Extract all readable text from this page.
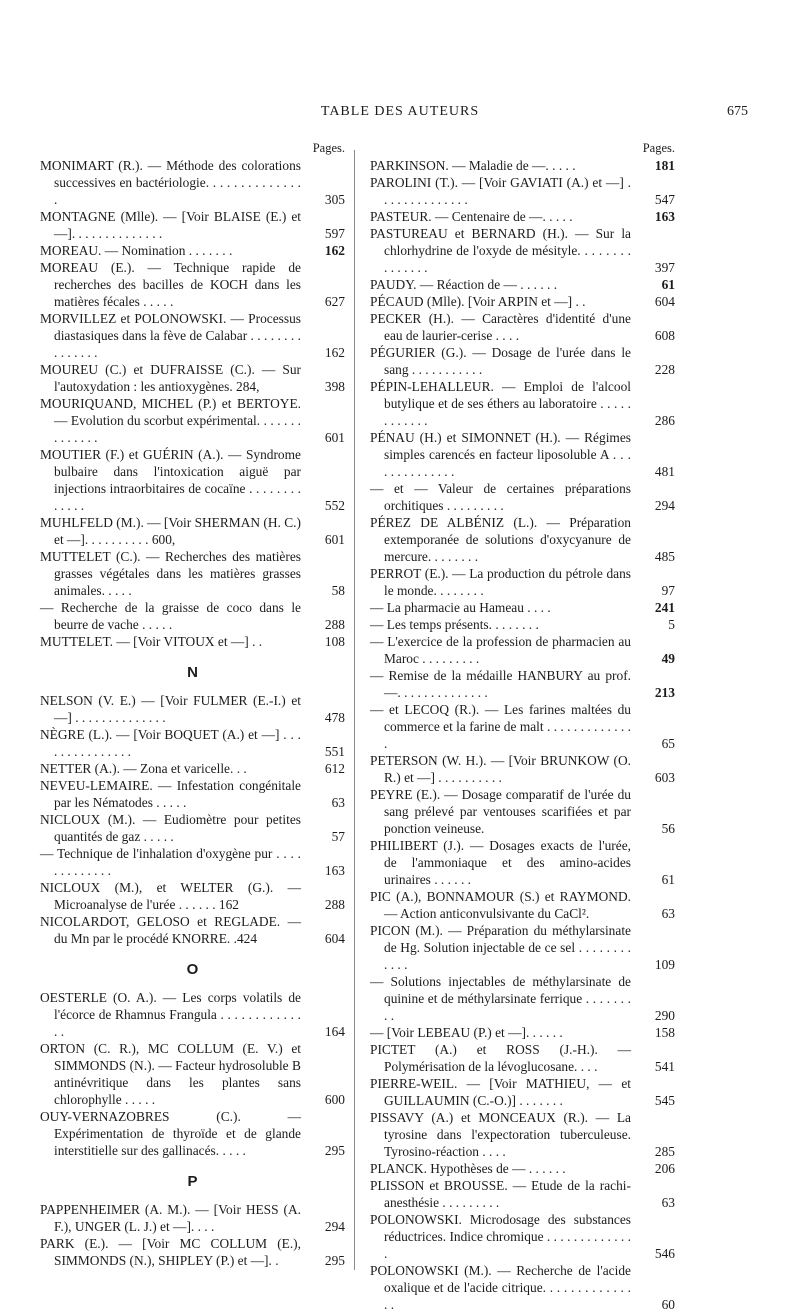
TABLE DES AUTEURS	675
Pages.
MONIMART (R.). — Méthode des colorations successives en bactériologie. . . . . . . . . . . . . . .	305
MONTAGNE (Mlle). — [Voir BLAISE (E.) et —]. . . . . . . . . . . . . .	597
MOREAU. — Nomination . . . . . . .	162
MOREAU (E.). — Technique rapide de recherches des bacilles de KOCH dans les matières fécales . . . . .	627
MORVILLEZ et POLONOWSKI. — Processus diastasiques dans la fève de Calabar . . . . . . . . . . . . . . .	162
MOUREU (C.) et DUFRAISSE (C.). — Sur l'autoxydation : les antioxygènes. 284,	398
MOURIQUAND, MICHEL (P.) et BERTOYE. — Evolution du scorbut expérimental. . . . . . . . . . . . . .	601
MOUTIER (F.) et GUÉRIN (A.). — Syndrome bulbaire dans l'intoxication aiguë par injections intraorbitaires de cocaïne . . . . . . . . . . . . .	552
MUHLFELD (M.). — [Voir SHERMAN (H. C.) et —]. . . . . . . . . . 600,	601
MUTTELET (C.). — Recherches des matières grasses végétales dans les matières grasses animales. . . . .	58
— Recherche de la graisse de coco dans le beurre de vache . . . . .	288
MUTTELET. — [Voir VITOUX et —] . .	108
N
NELSON (V. E.) — [Voir FULMER (E.-I.) et —] . . . . . . . . . . . . . .	478
NÈGRE (L.). — [Voir BOQUET (A.) et —] . . . . . . . . . . . . . . .	551
NETTER (A.). — Zona et varicelle. . .	612
NEVEU-LEMAIRE. — Infestation congénitale par les Nématodes . . . . .	63
NICLOUX (M.). — Eudiomètre pour petites quantités de gaz . . . . .	57
— Technique de l'inhalation d'oxygène pur . . . . . . . . . . . . .	163
NICLOUX (M.), et WELTER (G.). — Microanalyse de l'urée . . . . . . 162	288
NICOLARDOT, GELOSO et REGLADE. — du Mn par le procédé KNORRE. .424	604
O
OESTERLE (O. A.). — Les corps volatils de l'écorce de Rhamnus Frangula . . . . . . . . . . . . . .	164
ORTON (C. R.), MC COLLUM (E. V.) et SIMMONDS (N.). — Facteur hydrosoluble B antinévritique dans les plantes sans chlorophylle . . . . .	600
OUY-VERNAZOBRES (C.). — Expérimentation de thyroïde et de glande interstitielle sur des gallinacés. . . . .	295
P
PAPPENHEIMER (A. M.). — [Voir HESS (A. F.), UNGER (L. J.) et —]. . . .	294
PARK (E.). — [Voir MC COLLUM (E.), SIMMONDS (N.), SHIPLEY (P.) et —]. .	295
Pages.
PARKINSON. — Maladie de —. . . . .	181
PAROLINI (T.). — [Voir GAVIATI (A.) et —] . . . . . . . . . . . . . .	547
PASTEUR. — Centenaire de —. . . . .	163
PASTUREAU et BERNARD (H.). — Sur la chlorhydrine de l'oxyde de mésityle. . . . . . . . . . . . . . .	397
PAUDY. — Réaction de — . . . . . .	61
PÉCAUD (Mlle). [Voir ARPIN et —] . .	604
PECKER (H.). — Caractères d'identité d'une eau de laurier-cerise . . . .	608
PÉGURIER (G.). — Dosage de l'urée dans le sang . . . . . . . . . . .	228
PÉPIN-LEHALLEUR. — Emploi de l'alcool butylique et de ses éthers au laboratoire . . . . . . . . . . . .	286
PÉNAU (H.) et SIMONNET (H.). — Régimes simples carencés en facteur liposoluble A . . . . . . . . . . . . . .	481
— et — Valeur de certaines préparations orchitiques . . . . . . . . .	294
PÉREZ DE ALBÉNIZ (L.). — Préparation extemporanée de solutions d'oxycyanure de mercure. . . . . . . .	485
PERROT (E.). — La production du pétrole dans le monde. . . . . . . .	97
— La pharmacie au Hameau . . . .	241
— Les temps présents. . . . . . . .	5
— L'exercice de la profession de pharmacien au Maroc . . . . . . . . .	49
— Remise de la médaille HANBURY au prof. —. . . . . . . . . . . . . .	213
— et LECOQ (R.). — Les farines maltées du commerce et la farine de malt . . . . . . . . . . . . . .	65
PETERSON (W. H.). — [Voir BRUNKOW (O. R.) et —] . . . . . . . . . .	603
PEYRE (E.). — Dosage comparatif de l'urée du sang prélevé par ventouses scarifiées et par ponction veineuse.	56
PHILIBERT (J.). — Dosages exacts de l'urée, de l'ammoniaque et des amino-acides urinaires . . . . . .	61
PIC (A.), BONNAMOUR (S.) et RAYMOND. — Action anticonvulsivante du CaCl².	63
PICON (M.). — Préparation du méthylarsinate de Hg. Solution injectable de ce sel . . . . . . . . . . . .	109
— Solutions injectables de méthylarsinate de quinine et de méthylarsinate ferrique . . . . . . . . .	290
— [Voir LEBEAU (P.) et —]. . . . . .	158
PICTET (A.) et ROSS (J.-H.). — Polymérisation de la lévoglucosane. . . .	541
PIERRE-WEIL. — [Voir MATHIEU, — et GUILLAUMIN (C.-O.)] . . . . . . .	545
PISSAVY (A.) et MONCEAUX (R.). — La tyrosine dans l'expectoration tuberculeuse. Tyrosino-réaction . . . .	285
PLANCK. Hypothèses de — . . . . . .	206
PLISSON et BROUSSE. — Etude de la rachi-anesthésie . . . . . . . . .	63
POLONOWSKI. Microdosage des substances réductrices. Indice chromique . . . . . . . . . . . . . .	546
POLONOWSKI (M.). — Recherche de l'acide oxalique et de l'acide citrique. . . . . . . . . . . . . . .	60
